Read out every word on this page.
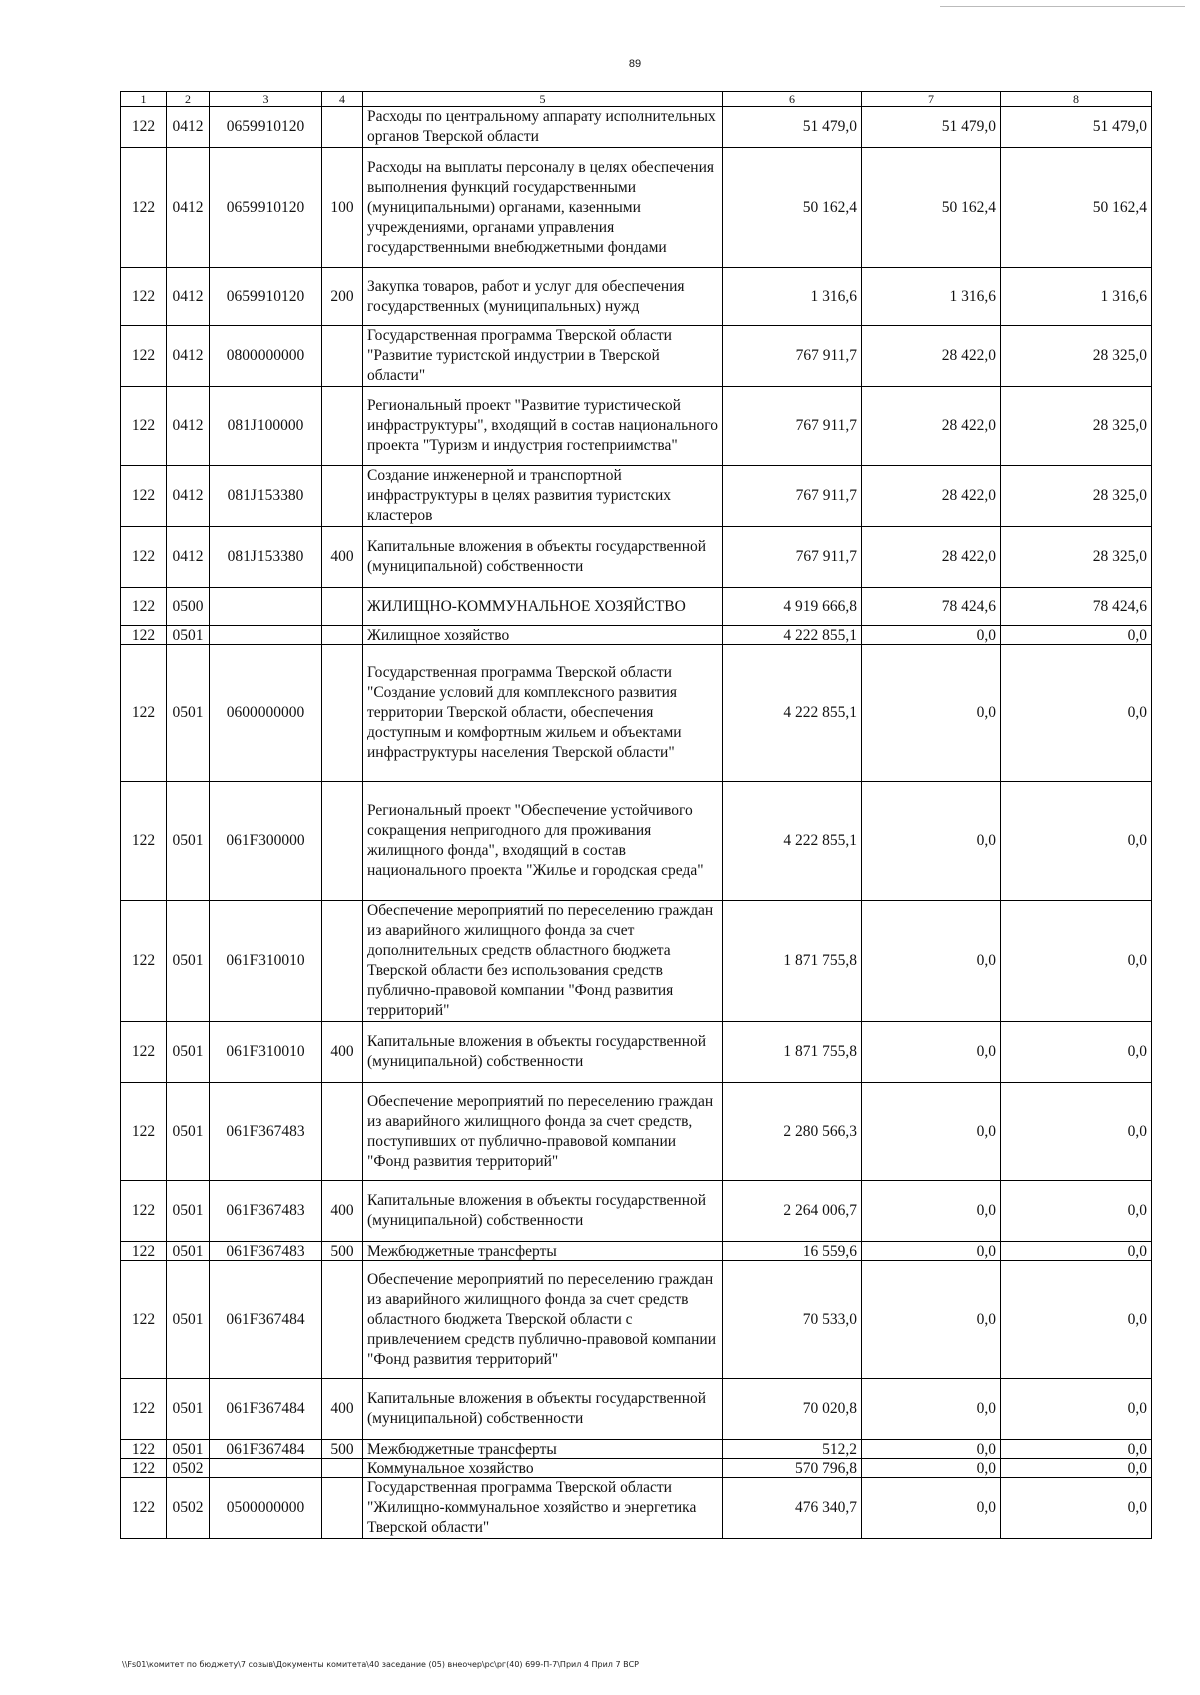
89
1	2	3	4	5	6	7	8
122	0412	0659910120		Расходы по центральному аппарату исполнительных органов Тверской области	51 479,0	51 479,0	51 479,0
122	0412	0659910120	100	Расходы на выплаты персоналу в целях обеспечения выполнения функций государственными (муниципальными) органами, казенными учреждениями, органами управления государственными внебюджетными фондами	50 162,4	50 162,4	50 162,4
122	0412	0659910120	200	Закупка товаров, работ и услуг для обеспечения государственных (муниципальных) нужд	1 316,6	1 316,6	1 316,6
122	0412	0800000000		Государственная программа Тверской области "Развитие туристской индустрии в Тверской области"	767 911,7	28 422,0	28 325,0
122	0412	081J100000		Региональный проект "Развитие туристической инфраструктуры", входящий в состав национального проекта "Туризм и индустрия гостеприимства"	767 911,7	28 422,0	28 325,0
122	0412	081J153380		Создание инженерной и транспортной инфраструктуры в целях развития туристских кластеров	767 911,7	28 422,0	28 325,0
122	0412	081J153380	400	Капитальные вложения в объекты государственной (муниципальной) собственности	767 911,7	28 422,0	28 325,0
122	0500			ЖИЛИЩНО-КОММУНАЛЬНОЕ ХОЗЯЙСТВО	4 919 666,8	78 424,6	78 424,6
122	0501			Жилищное хозяйство	4 222 855,1	0,0	0,0
122	0501	0600000000		Государственная программа Тверской области "Создание условий для комплексного развития территории Тверской области, обеспечения доступным и комфортным жильем и объектами инфраструктуры населения Тверской области"	4 222 855,1	0,0	0,0
122	0501	061F300000		Региональный проект "Обеспечение устойчивого сокращения непригодного для проживания жилищного фонда", входящий в состав национального проекта "Жилье и городская среда"	4 222 855,1	0,0	0,0
122	0501	061F310010		Обеспечение мероприятий по переселению граждан из аварийного жилищного фонда за счет дополнительных средств областного бюджета Тверской области без использования средств публично-правовой компании "Фонд развития территорий"	1 871 755,8	0,0	0,0
122	0501	061F310010	400	Капитальные вложения в объекты государственной (муниципальной) собственности	1 871 755,8	0,0	0,0
122	0501	061F367483		Обеспечение мероприятий по переселению граждан из аварийного жилищного фонда за счет средств, поступивших от публично-правовой компании "Фонд развития территорий"	2 280 566,3	0,0	0,0
122	0501	061F367483	400	Капитальные вложения в объекты государственной (муниципальной) собственности	2 264 006,7	0,0	0,0
122	0501	061F367483	500	Межбюджетные трансферты	16 559,6	0,0	0,0
122	0501	061F367484		Обеспечение мероприятий по переселению граждан из аварийного жилищного фонда за счет средств областного бюджета Тверской области с привлечением средств публично-правовой компании "Фонд развития территорий"	70 533,0	0,0	0,0
122	0501	061F367484	400	Капитальные вложения в объекты государственной (муниципальной) собственности	70 020,8	0,0	0,0
122	0501	061F367484	500	Межбюджетные трансферты	512,2	0,0	0,0
122	0502			Коммунальное хозяйство	570 796,8	0,0	0,0
122	0502	0500000000		Государственная программа Тверской области "Жилищно-коммунальное хозяйство и энергетика Тверской области"	476 340,7	0,0	0,0
\\Fs01\комитет по бюджету\7 созыв\Документы комитета\40 заседание (05) внеочер\рс\рг(40) 699-П-7\Прил 4 Прил 7 ВСР
